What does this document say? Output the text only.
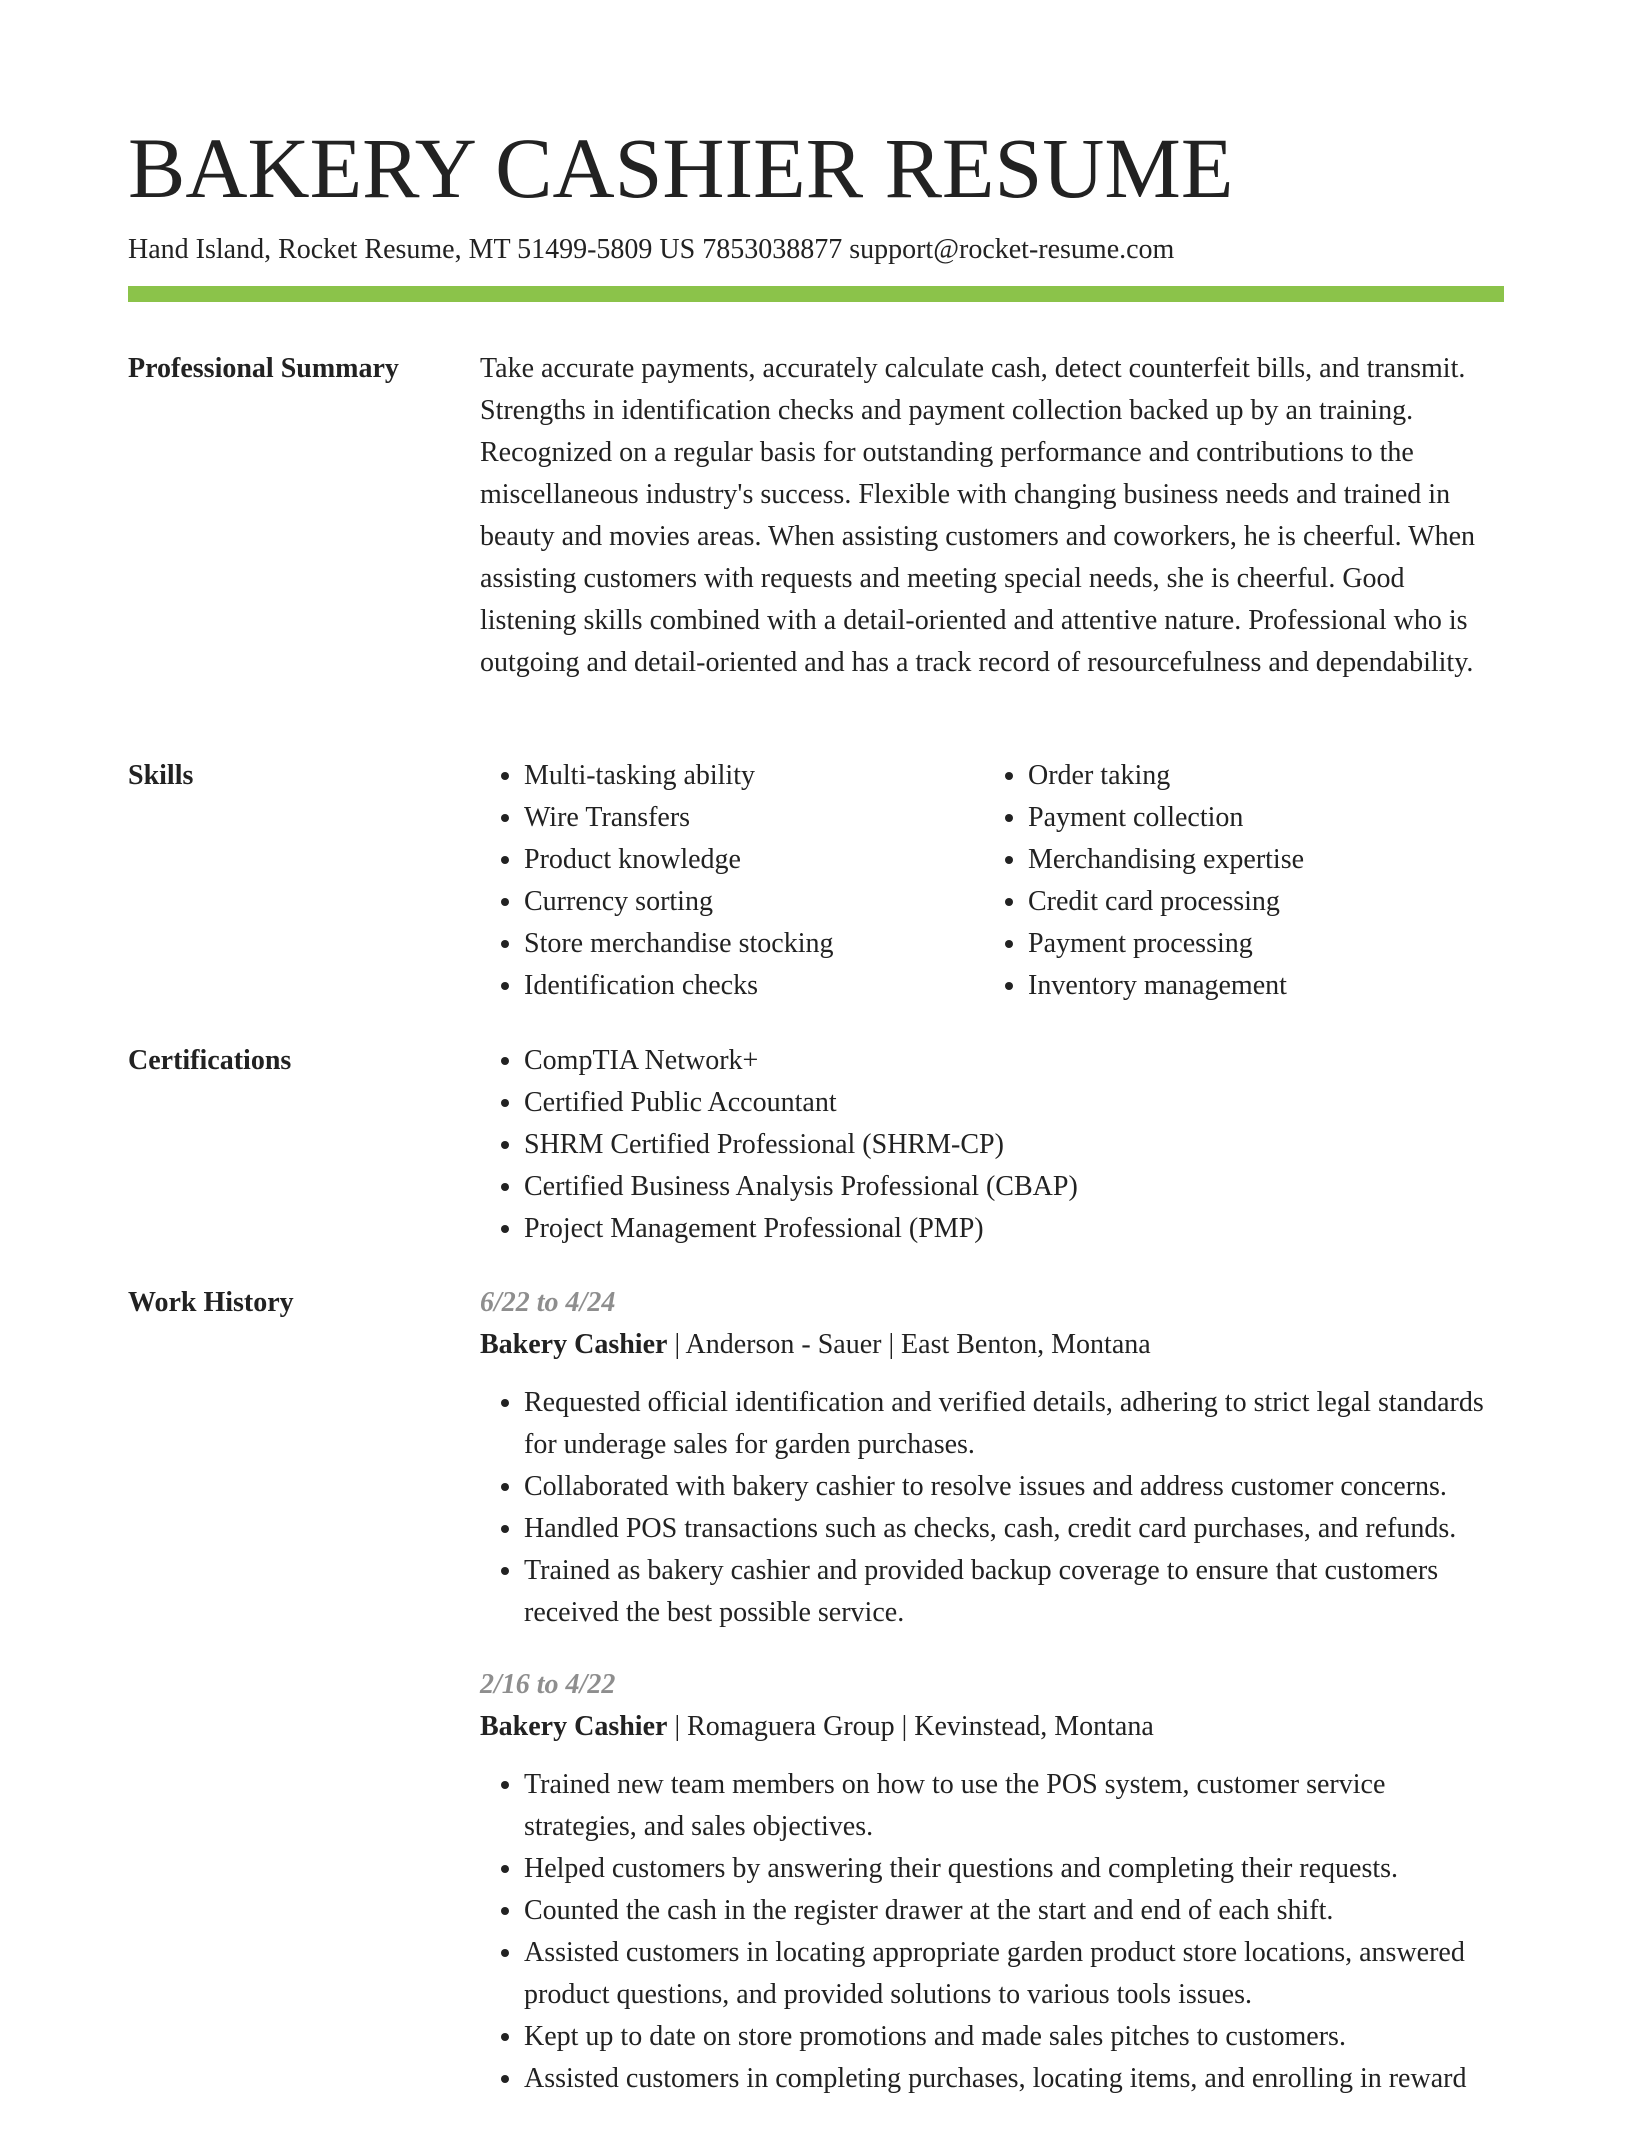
BAKERY CASHIER RESUME

Hand Island, Rocket Resume, MT 51499-5809 US 7853038877 support@rocket-resume.com

Professional Summary	Take accurate payments, accurately calculate cash, detect counterfeit bills, and transmit. Strengths in identification checks and payment collection backed up by an training. Recognized on a regular basis for outstanding performance and contributions to the miscellaneous industry's success. Flexible with changing business needs and trained in beauty and movies areas. When assisting customers and coworkers, he is cheerful. When assisting customers with requests and meeting special needs, she is cheerful. Good listening skills combined with a detail-oriented and attentive nature. Professional who is outgoing and detail-oriented and has a track record of resourcefulness and dependability.

Skills	• Multi-tasking ability
• Wire Transfers
• Product knowledge
• Currency sorting
• Store merchandise stocking
• Identification checks
• Order taking
• Payment collection
• Merchandising expertise
• Credit card processing
• Payment processing
• Inventory management
Certifications	• CompTIA Network+
• Certified Public Accountant
• SHRM Certified Professional (SHRM-CP)
• Certified Business Analysis Professional (CBAP)
• Project Management Professional (PMP)
Work History	6/22 to 4/24

Bakery Cashier | Anderson - Sauer | East Benton, Montana

• Requested official identification and verified details, adhering to strict legal standards for underage sales for garden purchases.
• Collaborated with bakery cashier to resolve issues and address customer concerns.
• Handled POS transactions such as checks, cash, credit card purchases, and refunds.
• Trained as bakery cashier and provided backup coverage to ensure that customers received the best possible service.

2/16 to 4/22

Bakery Cashier | Romaguera Group | Kevinstead, Montana

• Trained new team members on how to use the POS system, customer service strategies, and sales objectives.
• Helped customers by answering their questions and completing their requests.
• Counted the cash in the register drawer at the start and end of each shift.
• Assisted customers in locating appropriate garden product store locations, answered product questions, and provided solutions to various tools issues.
• Kept up to date on store promotions and made sales pitches to customers.
• Assisted customers in completing purchases, locating items, and enrolling in reward
